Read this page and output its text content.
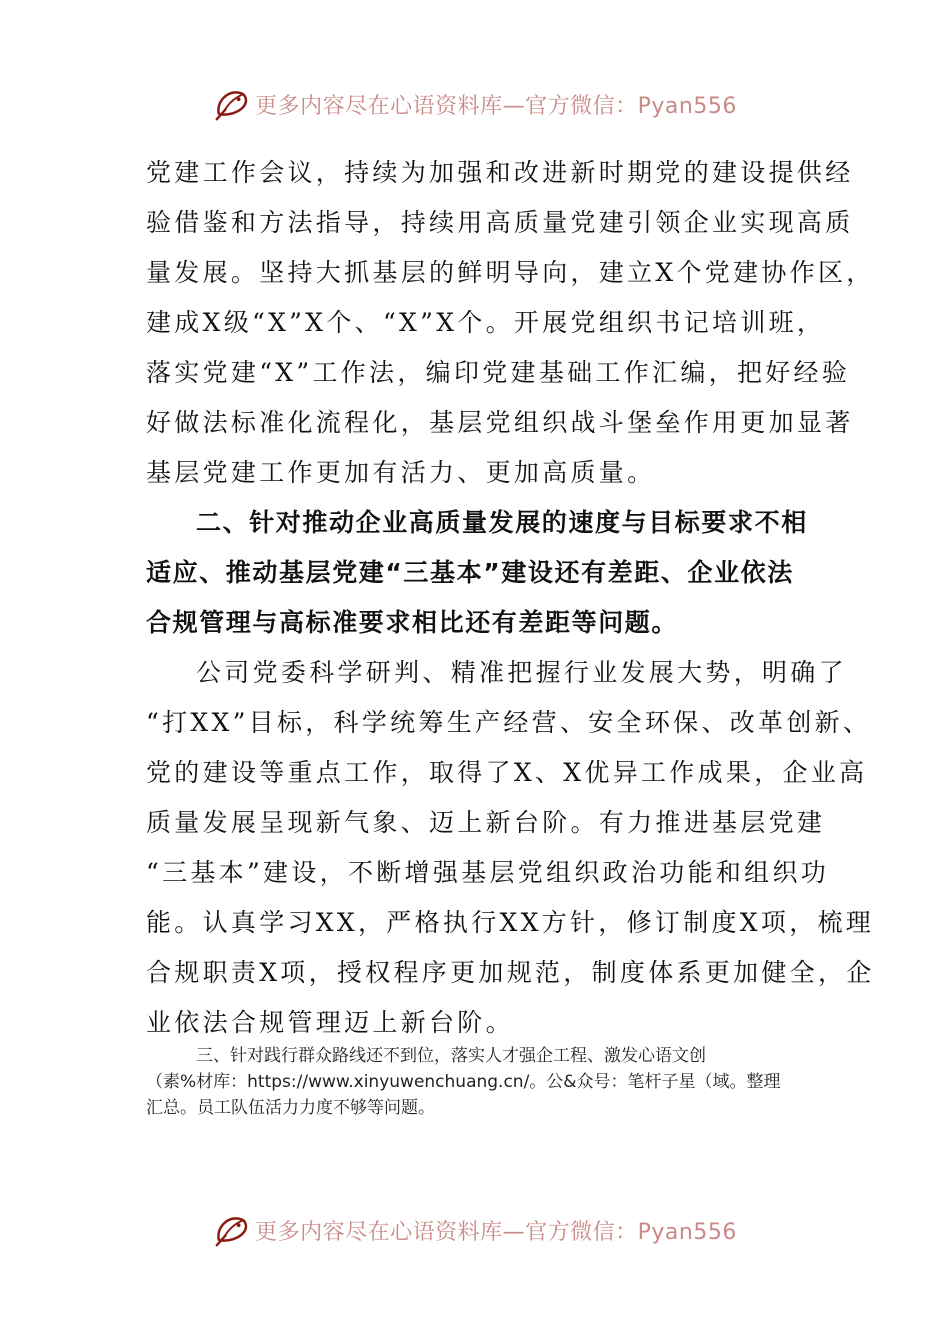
更多内容尽在心语资料库—官方微信：Pyan556

党建工作会议，持续为加强和改进新时期党的建设提供经
验借鉴和方法指导，持续用高质量党建引领企业实现高质
量发展。坚持大抓基层的鲜明导向，建立X个党建协作区，
建成X级“X”X个、“X”X个。开展党组织书记培训班，
落实党建“X”工作法，编印党建基础工作汇编，把好经验
好做法标准化流程化，基层党组织战斗堡垒作用更加显著
基层党建工作更加有活力、更加高质量。

二、针对推动企业高质量发展的速度与目标要求不相
适应、推动基层党建“三基本”建设还有差距、企业依法
合规管理与高标准要求相比还有差距等问题。

公司党委科学研判、精准把握行业发展大势，明确了
“打XX”目标，科学统筹生产经营、安全环保、改革创新、
党的建设等重点工作，取得了X、X优异工作成果，企业高
质量发展呈现新气象、迈上新台阶。有力推进基层党建
“三基本”建设，不断增强基层党组织政治功能和组织功
能。认真学习XX，严格执行XX方针，修订制度X项，梳理
合规职责X项，授权程序更加规范，制度体系更加健全，企
业依法合规管理迈上新台阶。

三、针对践行群众路线还不到位，落实人才强企工程、激发心语文创
（素%材库：https://www.xinyuwenchuang.cn/。公&众号：笔杆子星（域。整理
汇总。员工队伍活力力度不够等问题。
更多内容尽在心语资料库—官方微信：Pyan556
